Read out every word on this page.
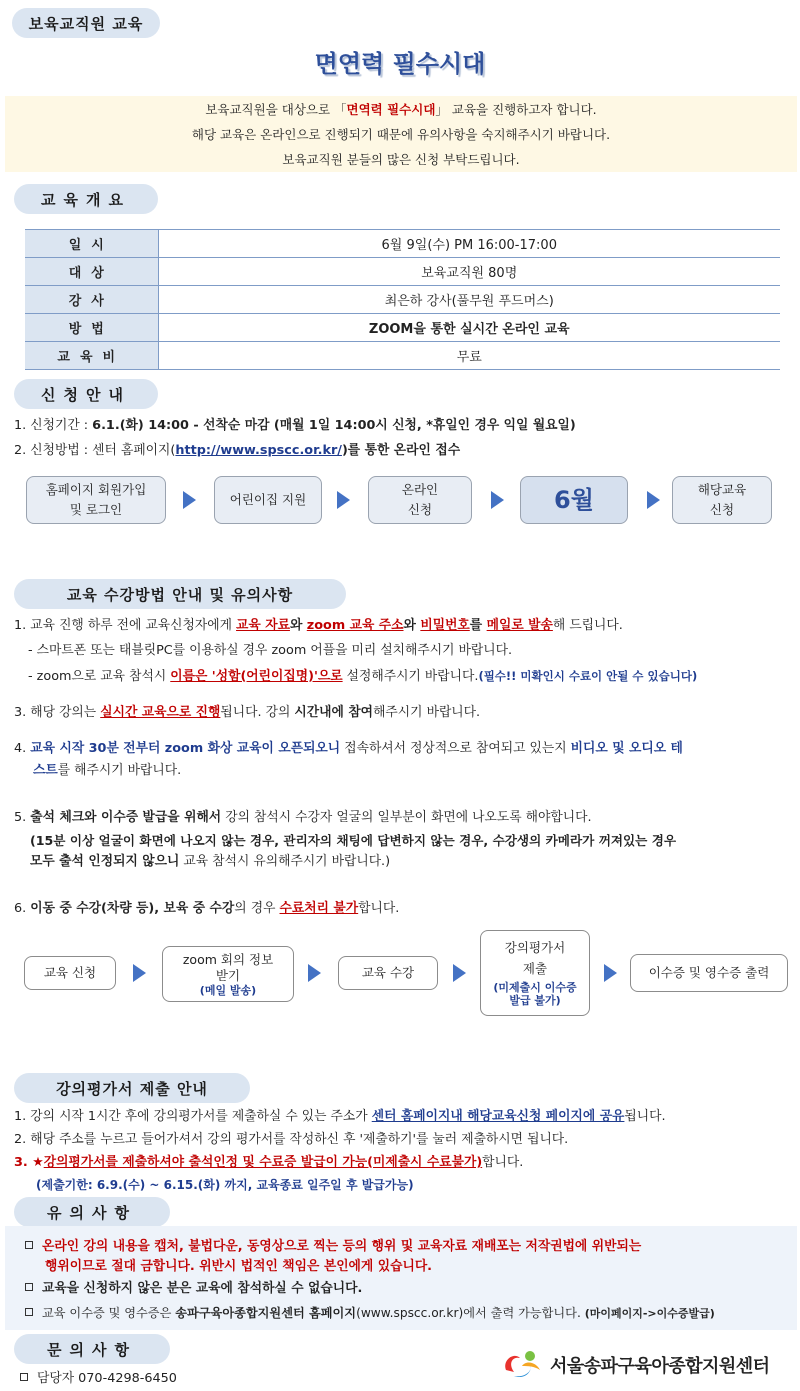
보육교직원 교육
면연력 필수시대
보육교직원을 대상으로 「면역력 필수시대」 교육을 진행하고자 합니다.
해당 교육은 온라인으로 진행되기 때문에 유의사항을 숙지해주시기 바랍니다.
보육교직원 분들의 많은 신청 부탁드립니다.
교육개요
일시	6월 9일(수) PM 16:00-17:00
대상	보육교직원 80명
강사	최은하 강사(풀무원 푸드머스)
방법	ZOOM을 통한 실시간 온라인 교육
교육비	무료
신청안내
1. 신청기간 : 6.1.(화) 14:00 - 선착순 마감 (매월 1일 14:00시 신청, *휴일인 경우 익일 월요일)
2. 신청방법 : 센터 홈페이지(http://www.spscc.or.kr/)를 통한 온라인 접수
홈페이지 회원가입
및 로그인
어린이집 지원
온라인
신청	6월	해당교육
신청
교육 수강방법 안내 및 유의사항
1. 교육 진행 하루 전에 교육신청자에게 교육 자료와 zoom 교육 주소와 비밀번호를 메일로 발송해 드립니다.
- 스마트폰 또는 태블릿PC를 이용하실 경우 zoom 어플을 미리 설치해주시기 바랍니다.
- zoom으로 교육 참석시 이름은 '성함(어린이집명)'으로 설정해주시기 바랍니다.(필수!! 미확인시 수료이 안될 수 있습니다)
3. 해당 강의는 실시간 교육으로 진행됩니다. 강의 시간내에 참여해주시기 바랍니다.
4. 교육 시작 30분 전부터 zoom 화상 교육이 오픈되오니 접속하셔서 정상적으로 참여되고 있는지 비디오 및 오디오 테
스트를 해주시기 바랍니다.
5. 출석 체크와 이수증 발급을 위해서 강의 참석시 수강자 얼굴의 일부분이 화면에 나오도록 해야합니다.
(15분 이상 얼굴이 화면에 나오지 않는 경우, 관리자의 채팅에 답변하지 않는 경우, 수강생의 카메라가 꺼져있는 경우
모두 출석 인정되지 않으니 교육 참석시 유의해주시기 바랍니다.)
6. 이동 중 수강(차량 등), 보육 중 수강의 경우 수료처리 불가합니다.
교육 신청
zoom 회의 정보
받기
(메일 발송)
교육 수강
강의평가서
제출
(미제출시 이수증 발급 불가)
이수증 및 영수증 출력
강의평가서 제출 안내
1. 강의 시작 1시간 후에 강의평가서를 제출하실 수 있는 주소가 센터 홈페이지내 해당교육신청 페이지에 공유됩니다.
2. 해당 주소를 누르고 들어가셔서 강의 평가서를 작성하신 후 '제출하기'를 눌러 제출하시면 됩니다.
3. ★강의평가서를 제출하셔야 출석인정 및 수료증 발급이 가능(미제출시 수료불가)합니다.
(제출기한: 6.9.(수) ~ 6.15.(화) 까지, 교육종료 일주일 후 발급가능)
유의사항
온라인 강의 내용을 캡처, 불법다운, 동영상으로 찍는 등의 행위 및 교육자료 재배포는 저작권법에 위반되는
행위이므로 절대 금합니다. 위반시 법적인 책임은 본인에게 있습니다.
교육을 신청하지 않은 분은 교육에 참석하실 수 없습니다.
교육 이수증 및 영수증은 송파구육아종합지원센터 홈페이지(www.spscc.or.kr)에서 출력 가능합니다. (마이페이지->이수증발급)
문의사항
담당자 070-4298-6450
서울송파구육아종합지원센터
